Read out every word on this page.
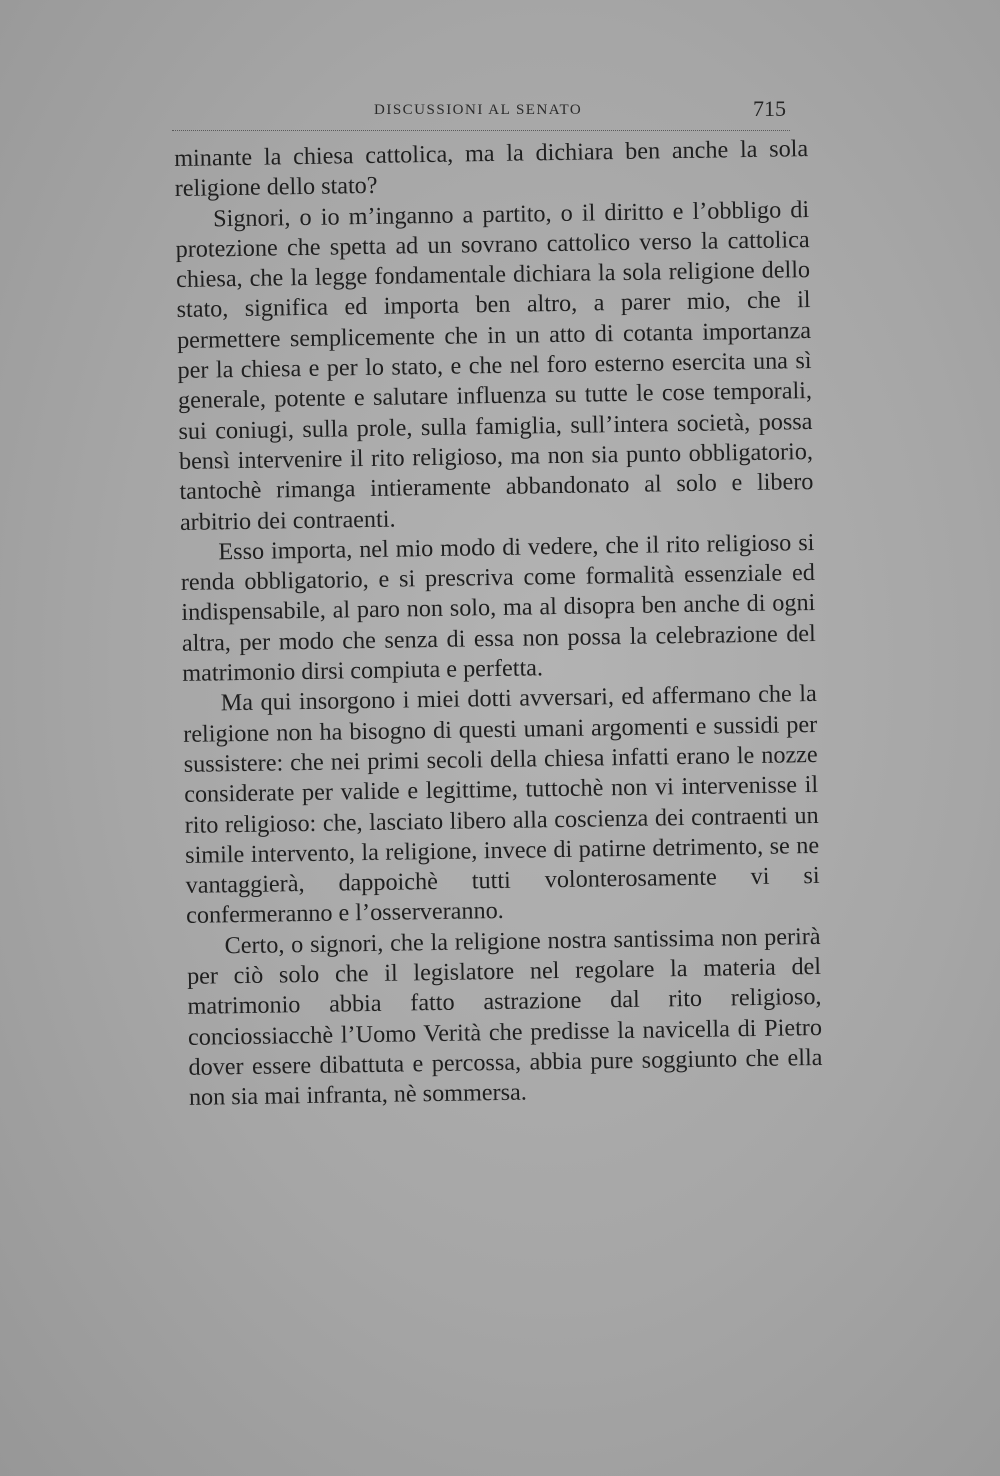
DISCUSSIONI AL SENATO	715

minante la chiesa cattolica, ma la dichiara ben anche la sola religione dello stato?

Signori, o io m’inganno a partito, o il diritto e l’obbligo di protezione che spetta ad un sovrano cattolico verso la cattolica chiesa, che la legge fondamentale dichiara la sola religione dello stato, significa ed importa ben altro, a parer mio, che il permettere semplicemente che in un atto di cotanta importanza per la chiesa e per lo stato, e che nel foro esterno esercita una sì generale, potente e salutare influenza su tutte le cose temporali, sui coniugi, sulla prole, sulla famiglia, sull’intera società, possa bensì intervenire il rito religioso, ma non sia punto obbligatorio, tantochè rimanga intieramente abbandonato al solo e libero arbitrio dei contraenti.

Esso importa, nel mio modo di vedere, che il rito religioso si renda obbligatorio, e si prescriva come formalità essenziale ed indispensabile, al paro non solo, ma al disopra ben anche di ogni altra, per modo che senza di essa non possa la celebrazione del matrimonio dirsi compiuta e perfetta.

Ma qui insorgono i miei dotti avversari, ed affermano che la religione non ha bisogno di questi umani argomenti e sussidi per sussistere: che nei primi secoli della chiesa infatti erano le nozze considerate per valide e legittime, tuttochè non vi intervenisse il rito religioso: che, lasciato libero alla coscienza dei contraenti un simile intervento, la religione, invece di patirne detrimento, se ne vantaggierà, dappoichè tutti volonterosamente vi si confermeranno e l’osserveranno.

Certo, o signori, che la religione nostra santissima non perirà per ciò solo che il legislatore nel regolare la materia del matrimonio abbia fatto astrazione dal rito religioso, conciossiacchè l’Uomo Verità che predisse la navicella di Pietro dover essere dibattuta e percossa, abbia pure soggiunto che ella non sia mai infranta, nè sommersa.
